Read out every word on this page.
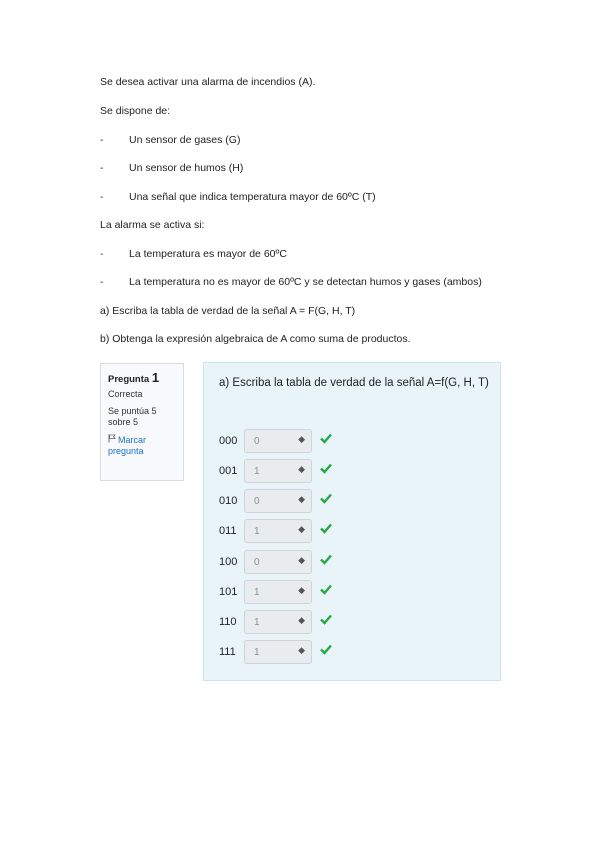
Se desea activar una alarma de incendios (A).
Se dispone de:
- Un sensor de gases (G)
- Un sensor de humos (H)
- Una señal que indica temperatura mayor de 60ºC (T)
La alarma se activa si:
- La temperatura es mayor de 60ºC
- La temperatura no es mayor de 60ºC y se detectan humos y gases (ambos)
a) Escriba la tabla de verdad de la señal A = F(G, H, T)
b) Obtenga la expresión algebraica de A como suma de productos.
Pregunta 1
Correcta
Se puntúa 5 sobre 5
Marcar pregunta
a) Escriba la tabla de verdad de la señal A=f(G, H, T)
000 0	◆
001 1	◆
010 0	◆
011 1	◆
100 0	◆
101 1	◆
110 1	◆
111 1	◆
